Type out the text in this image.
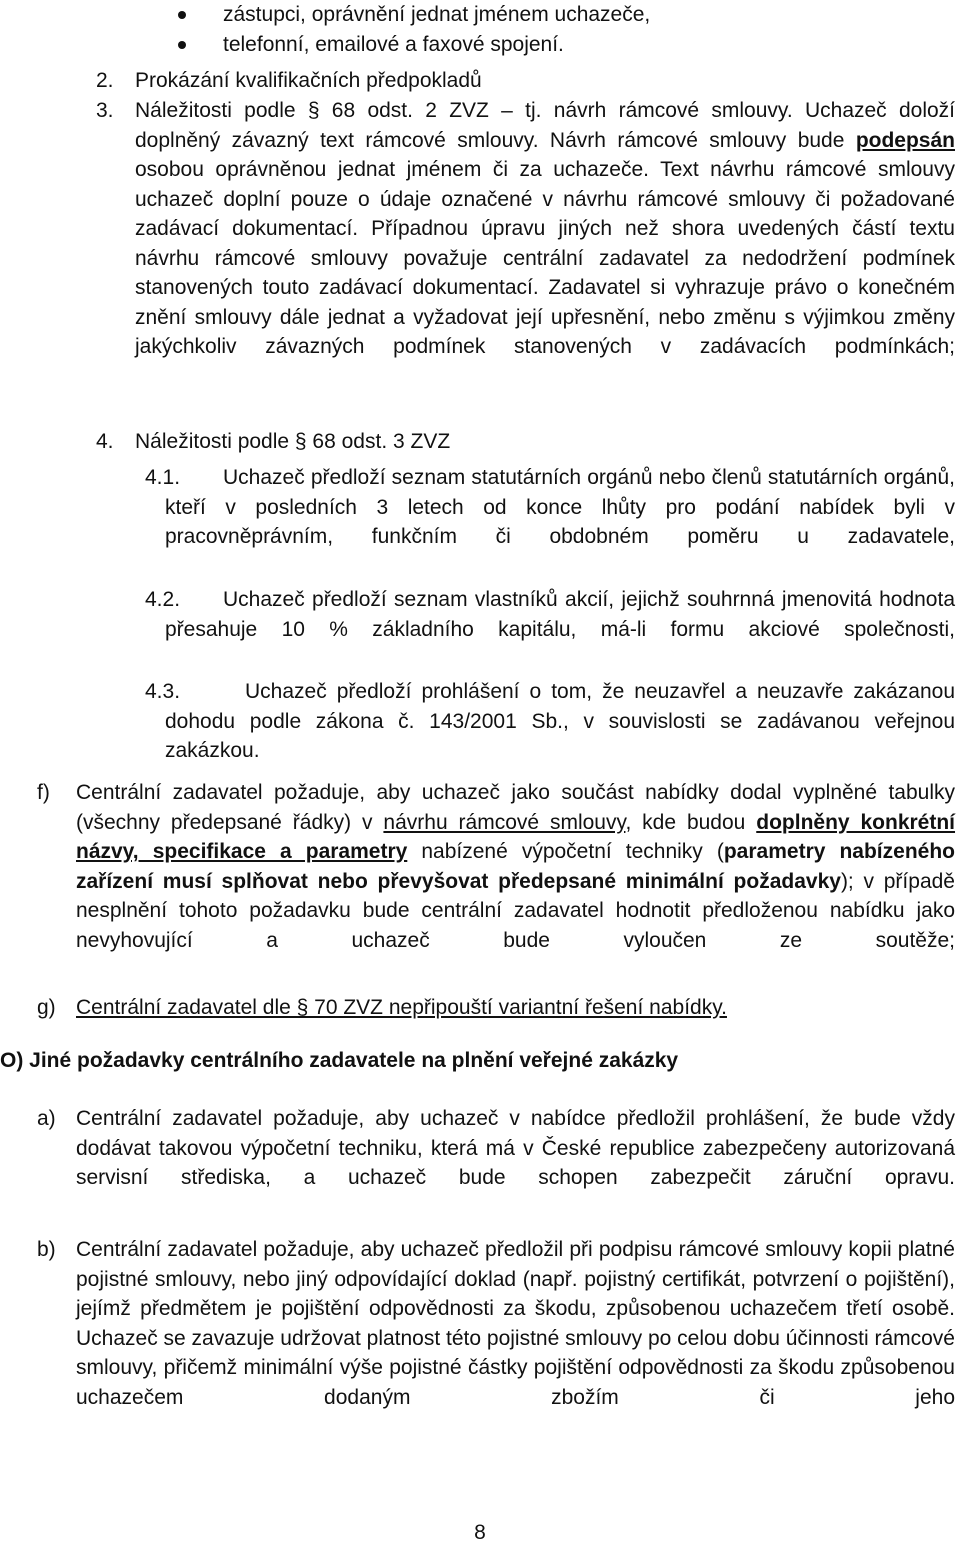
zástupci, oprávnění jednat jménem uchazeče,
telefonní, emailové a faxové spojení.
2. Prokázání kvalifikačních předpokladů
3. Náležitosti podle § 68 odst. 2 ZVZ – tj. návrh rámcové smlouvy. Uchazeč doloží doplněný závazný text rámcové smlouvy. Návrh rámcové smlouvy bude podepsán osobou oprávněnou jednat jménem či za uchazeče. Text návrhu rámcové smlouvy uchazeč doplní pouze o údaje označené v návrhu rámcové smlouvy či požadované zadávací dokumentací. Případnou úpravu jiných než shora uvedených částí textu návrhu rámcové smlouvy považuje centrální zadavatel za nedodržení podmínek stanovených touto zadávací dokumentací. Zadavatel si vyhrazuje právo o konečném znění smlouvy dále jednat a vyžadovat její upřesnění, nebo změnu s výjimkou změny jakýchkoliv závazných podmínek stanovených v zadávacích podmínkách;
4. Náležitosti podle § 68 odst. 3 ZVZ
4.1.	Uchazeč předloží seznam statutárních orgánů nebo členů statutárních orgánů, kteří v posledních 3 letech od konce lhůty pro podání nabídek byli v pracovněprávním, funkčním či obdobném poměru u zadavatele,
4.2.	Uchazeč předloží seznam vlastníků akcií, jejichž souhrnná jmenovitá hodnota přesahuje 10 % základního kapitálu, má-li formu akciové společnosti,
4.3.	Uchazeč předloží prohlášení o tom, že neuzavřel a neuzavře zakázanou dohodu podle zákona č. 143/2001 Sb., v souvislosti se zadávanou veřejnou zakázkou.
f) Centrální zadavatel požaduje, aby uchazeč jako součást nabídky dodal vyplněné tabulky (všechny předepsané řádky) v návrhu rámcové smlouvy, kde budou doplněny konkrétní názvy, specifikace a parametry nabízené výpočetní techniky (parametry nabízeného zařízení musí splňovat nebo převyšovat předepsané minimální požadavky); v případě nesplnění tohoto požadavku bude centrální zadavatel hodnotit předloženou nabídku jako nevyhovující a uchazeč bude vyloučen ze soutěže;
g) Centrální zadavatel dle § 70 ZVZ nepřipouští variantní řešení nabídky.
O) Jiné požadavky centrálního zadavatele na plnění veřejné zakázky
a) Centrální zadavatel požaduje, aby uchazeč v nabídce předložil prohlášení, že bude vždy dodávat takovou výpočetní techniku, která má v České republice zabezpečeny autorizovaná servisní střediska, a uchazeč bude schopen zabezpečit záruční opravu.
b) Centrální zadavatel požaduje, aby uchazeč předložil při podpisu rámcové smlouvy kopii platné pojistné smlouvy, nebo jiný odpovídající doklad (např. pojistný certifikát, potvrzení o pojištění), jejímž předmětem je pojištění odpovědnosti za škodu, způsobenou uchazečem třetí osobě. Uchazeč se zavazuje udržovat platnost této pojistné smlouvy po celou dobu účinnosti rámcové smlouvy, přičemž minimální výše pojistné částky pojištění odpovědnosti za škodu způsobenou uchazečem dodaným zbožím či jeho
8
